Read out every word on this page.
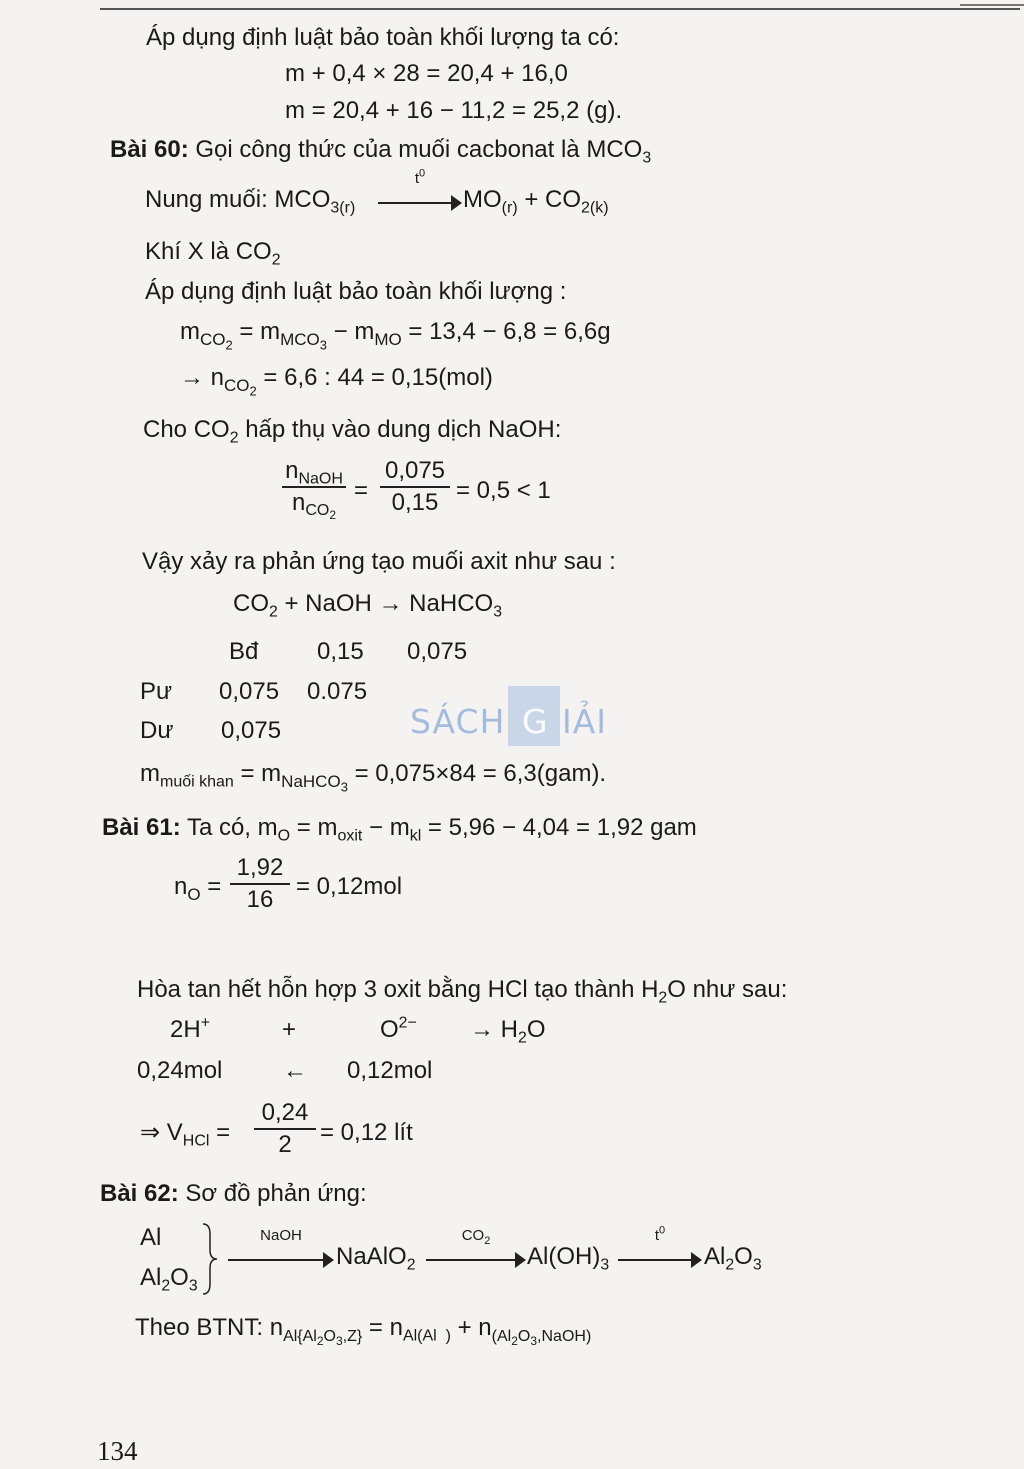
Áp dụng định luật bảo toàn khối lượng ta có:
m + 0,4 × 28 = 20,4 + 16,0
m = 20,4 + 16 − 11,2 = 25,2 (g).
Bài 60: Gọi công thức của muối cacbonat là $MCO_3$
Nung muối: $MCO_{3(r)}$
$t^0$
$MO_{(r)} + CO_{2(k)}$
Khí X là $CO_2$
Áp dụng định luật bảo toàn khối lượng :
$m_{CO_2} = m_{MCO_3} - m_{MO} = 13,4 - 6,8 = 6,6g$
→ $n_{CO_2} = 6,6$ : 44 = 0,15(mol)
Cho $CO_2$ hấp thụ vào dung dịch NaOH:
$n_{NaOH}$
$n_{CO_2}$
=
0,075
0,15 = 0,5 < 1
Vậy xảy ra phản ứng tạo muối axit như sau :
$CO_2$ + NaOH → NaHCO$_3$
Bđ 0,15 0,075
Pư 0,075 0.075
Dư 0,075	SÁCH G IẢI
$m_{muối khan} = m_{NaHCO_3} = 0,075\times 84 = 6,3(gam)$.
Bài 61: Ta có, $m_O = m_{oxit} - m_{kl} = 5,96 - 4,04 = 1,92$ gam
$n_O$ =
1,92
16 = 0,12mol
Hòa tan hết hỗn hợp 3 oxit bằng HCl tạo thành $H_2O$ như sau:
2H+	+	$O^{2-} \to H_2O$
0,24mol	← 0,12mol
⇒ $V_{HCl}$ =
0,24
2	= 0,12 lít
Bài 62: Sơ đồ phản ứng:
Al
$Al_2O_3$
NaOH
NaAlO$_2$
$CO_2$
$Al(OH)_3$
$t^0$
$Al_2O_3$
Theo BTNT: $n_{Al\{Al_2O_3,Z\}} = n_{Al(Al )} + n_{(Al_2O_3,NaOH)}$
134
